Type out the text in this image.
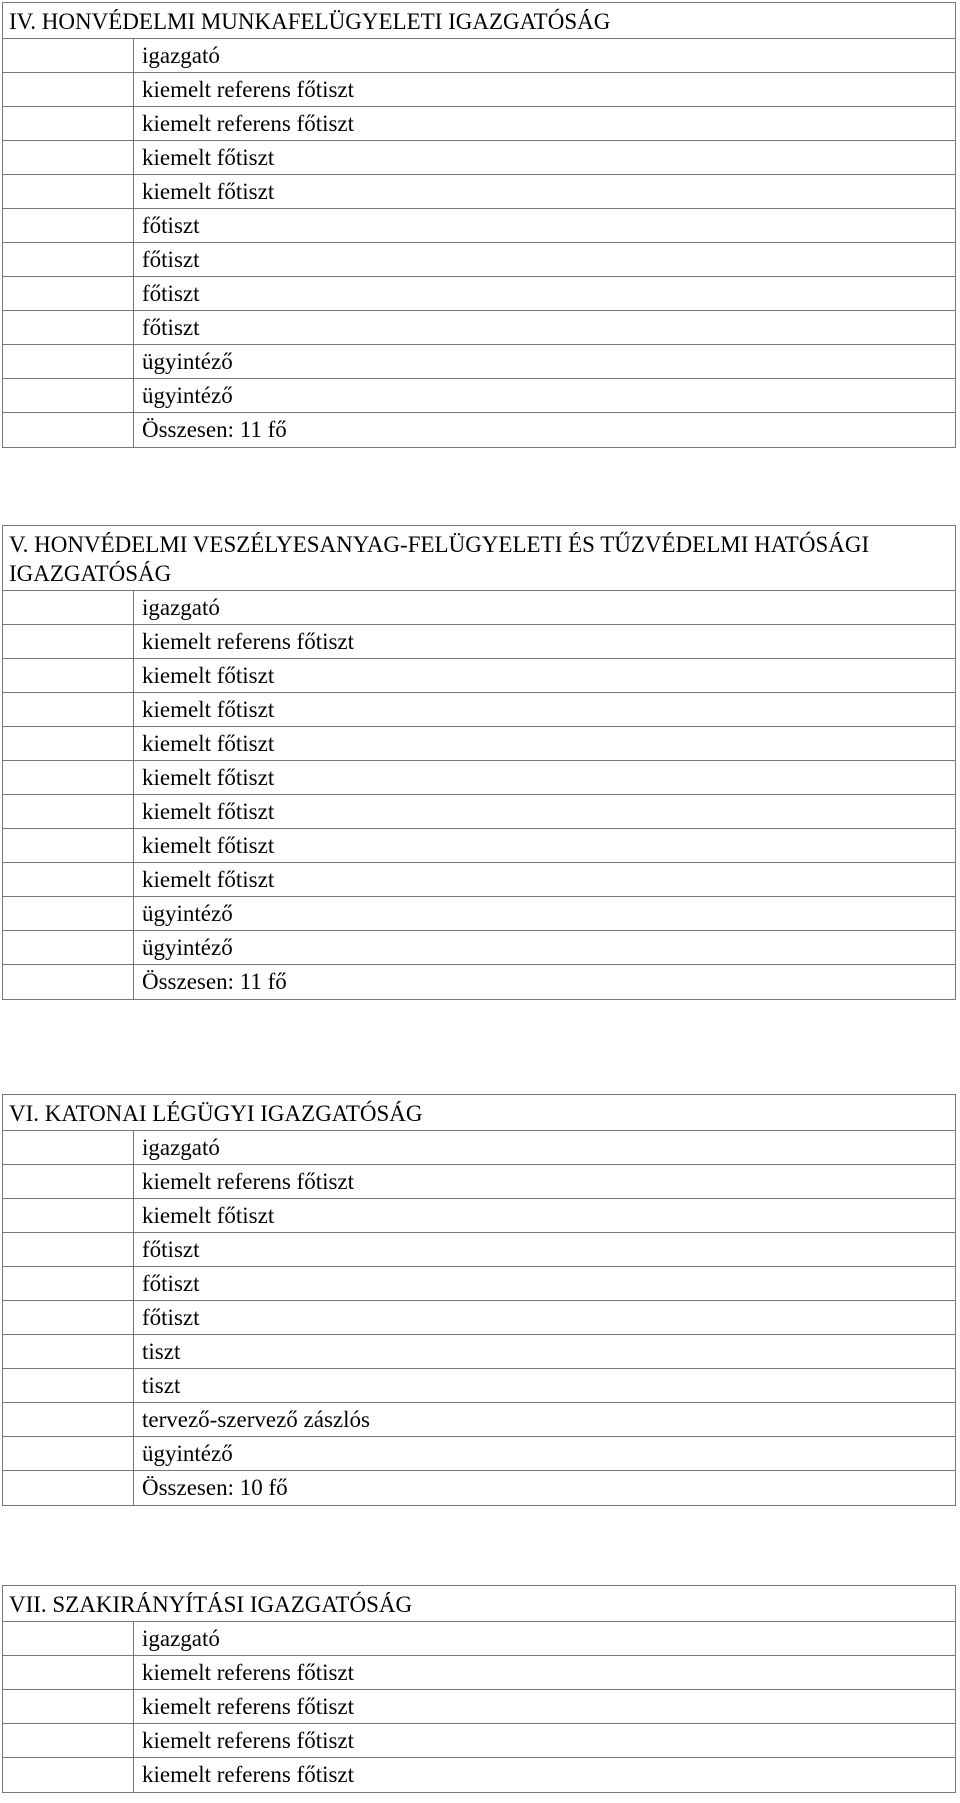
IV. HONVÉDELMI MUNKAFELÜGYELETI IGAZGATÓSÁG
igazgató
kiemelt referens főtiszt
kiemelt referens főtiszt
kiemelt főtiszt
kiemelt főtiszt
főtiszt
főtiszt
főtiszt
főtiszt
ügyintéző
ügyintéző
Összesen: 11 fő
V. HONVÉDELMI VESZÉLYESANYAG-FELÜGYELETI ÉS TŰZVÉDELMI HATÓSÁGI IGAZGATÓSÁG
igazgató
kiemelt referens főtiszt
kiemelt főtiszt
kiemelt főtiszt
kiemelt főtiszt
kiemelt főtiszt
kiemelt főtiszt
kiemelt főtiszt
kiemelt főtiszt
ügyintéző
ügyintéző
Összesen: 11 fő
VI. KATONAI LÉGÜGYI IGAZGATÓSÁG
igazgató
kiemelt referens főtiszt
kiemelt főtiszt
főtiszt
főtiszt
főtiszt
tiszt
tiszt
tervező-szervező zászlós
ügyintéző
Összesen: 10 fő
VII. SZAKIRÁNYÍTÁSI IGAZGATÓSÁG
igazgató
kiemelt referens főtiszt
kiemelt referens főtiszt
kiemelt referens főtiszt
kiemelt referens főtiszt
